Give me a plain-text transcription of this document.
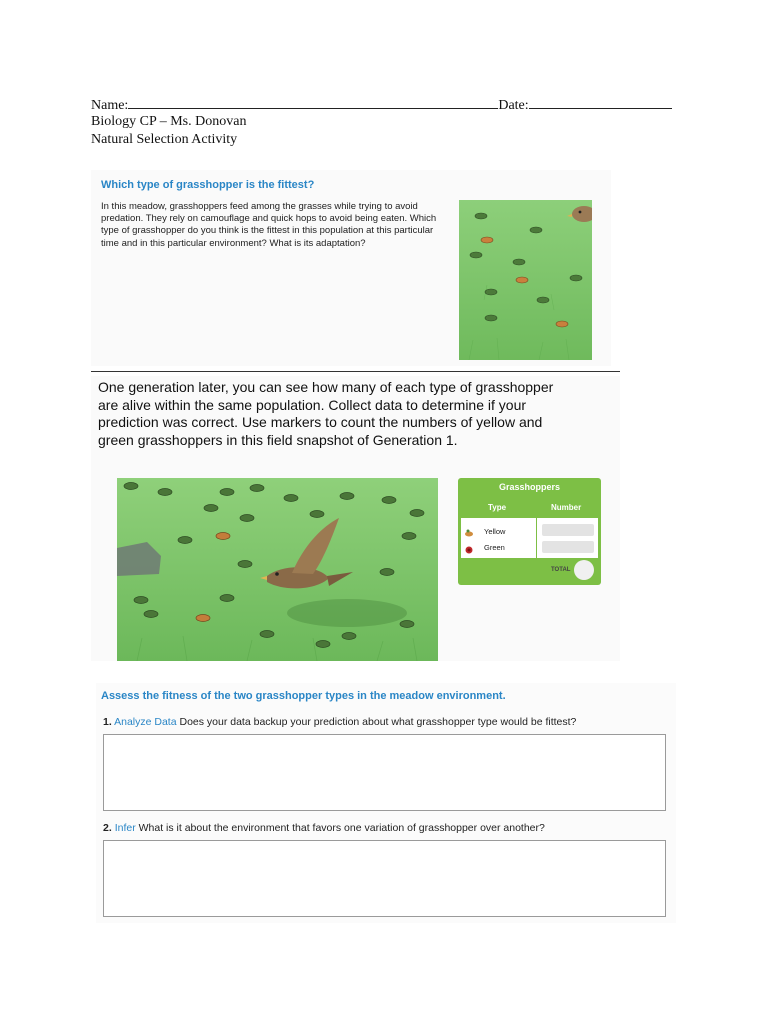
Name:	Date:
Biology CP – Ms. Donovan
Natural Selection Activity
Which type of grasshopper is the fittest?
In this meadow, grasshoppers feed among the grasses while trying to avoid predation. They rely on camouflage and quick hops to avoid being eaten. Which type of grasshopper do you think is the fittest in this population at this particular time and in this particular environment? What is its adaptation?
One generation later, you can see how many of each type of grasshopper are alive within the same population. Collect data to determine if your prediction was correct. Use markers to count the numbers of yellow and green grasshoppers in this field snapshot of Generation 1.
Grasshoppers
Type	Number
Yellow
Green
TOTAL
Assess the fitness of the two grasshopper types in the meadow environment.
1. Analyze Data Does your data backup your prediction about what grasshopper type would be fittest?
2. Infer What is it about the environment that favors one variation of grasshopper over another?
